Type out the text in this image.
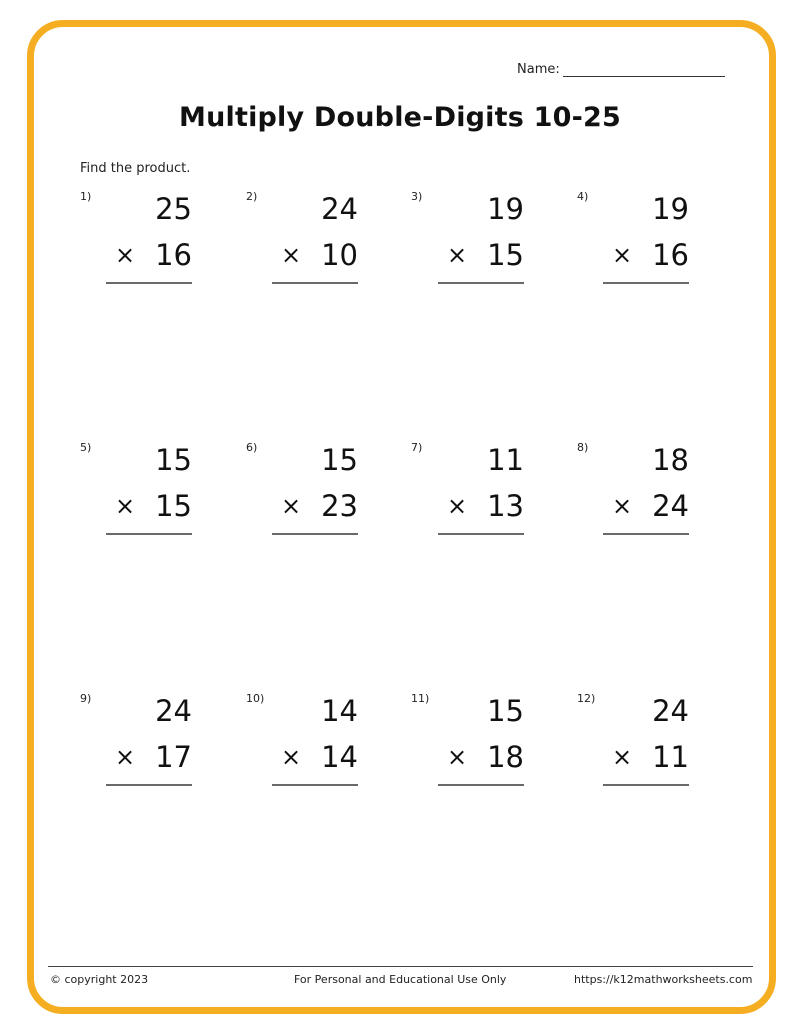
Name:
Multiply Double-Digits 10-25
Find the product.
1)	25
× 16
2)	24
× 10
3)	19
× 15
4)	19
× 16
5)	15
× 15
6)	15
× 23
7)	11
× 13
8)	18
× 24
9)	24
× 17
10)	14
× 14
11)	15
× 18
12)	24
× 11
© copyright 2023	For Personal and Educational Use Only	https://k12mathworksheets.com
